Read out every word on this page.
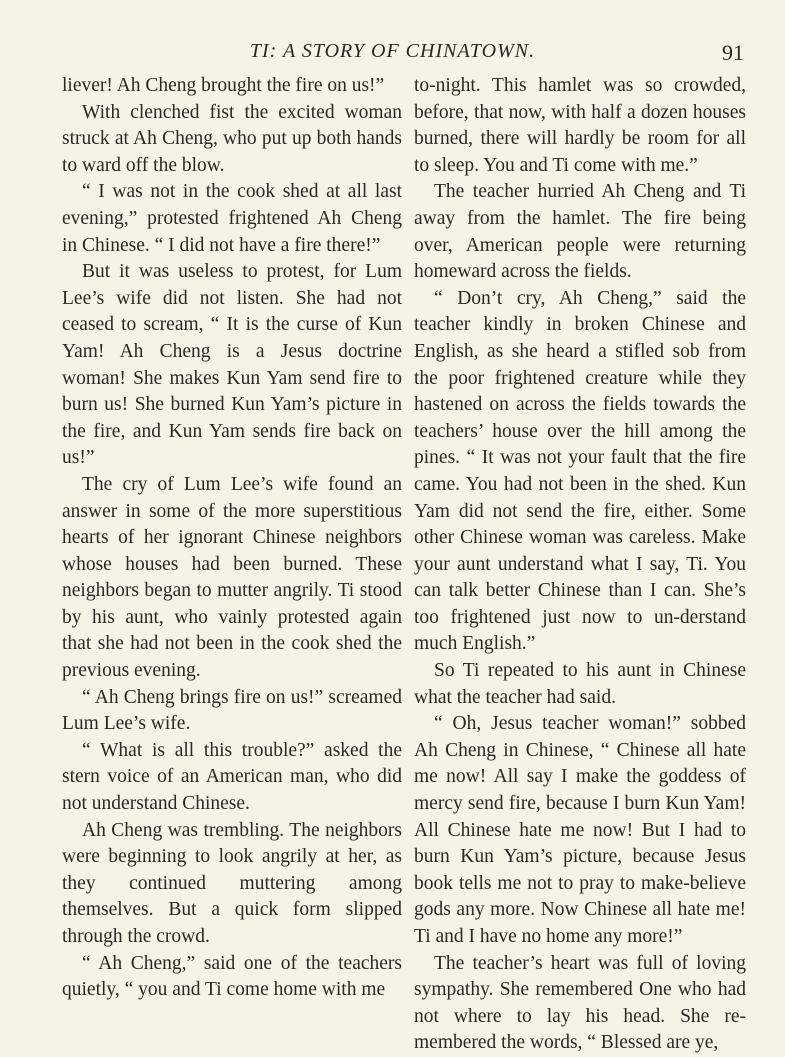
TI: A STORY OF CHINATOWN.	91

liever! Ah Cheng brought the fire on us!”

With clenched fist the excited woman struck at Ah Cheng, who put up both hands to ward off the blow.

“ I was not in the cook shed at all last evening,” protested frightened Ah Cheng in Chinese. “ I did not have a fire there!”

But it was useless to protest, for Lum Lee’s wife did not listen. She had not ceased to scream, “ It is the curse of Kun Yam! Ah Cheng is a Jesus doctrine woman! She makes Kun Yam send fire to burn us! She burned Kun Yam’s picture in the fire, and Kun Yam sends fire back on us!”

The cry of Lum Lee’s wife found an answer in some of the more superstitious hearts of her ignorant Chinese neighbors whose houses had been burned. These neighbors began to mutter angrily. Ti stood by his aunt, who vainly protested again that she had not been in the cook shed the previous evening.

“ Ah Cheng brings fire on us!” screamed Lum Lee’s wife.

“ What is all this trouble?” asked the stern voice of an American man, who did not understand Chinese.

Ah Cheng was trembling. The neighbors were beginning to look angrily at her, as they continued muttering among themselves. But a quick form slipped through the crowd.

“ Ah Cheng,” said one of the teachers quietly, “ you and Ti come home with me

to-night. This hamlet was so crowded, before, that now, with half a dozen houses burned, there will hardly be room for all to sleep. You and Ti come with me.”

The teacher hurried Ah Cheng and Ti away from the hamlet. The fire being over, American people were returning homeward across the fields.

“ Don’t cry, Ah Cheng,” said the teacher kindly in broken Chinese and English, as she heard a stifled sob from the poor frightened creature while they hastened on across the fields towards the teachers’ house over the hill among the pines. “ It was not your fault that the fire came. You had not been in the shed. Kun Yam did not send the fire, either. Some other Chinese woman was careless. Make your aunt understand what I say, Ti. You can talk better Chinese than I can. She’s too frightened just now to un-derstand much English.”

So Ti repeated to his aunt in Chinese what the teacher had said.

“ Oh, Jesus teacher woman!” sobbed Ah Cheng in Chinese, “ Chinese all hate me now! All say I make the goddess of mercy send fire, because I burn Kun Yam! All Chinese hate me now! But I had to burn Kun Yam’s picture, because Jesus book tells me not to pray to make-believe gods any more. Now Chinese all hate me! Ti and I have no home any more!”

The teacher’s heart was full of loving sympathy. She remembered One who had not where to lay his head. She re-membered the words, “ Blessed are ye,
